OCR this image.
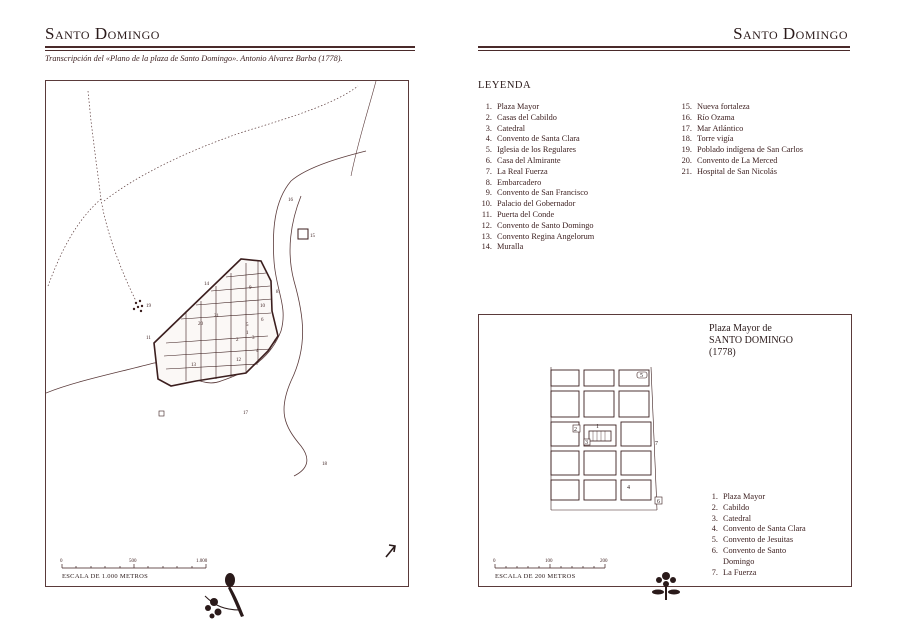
Santo Domingo
Transcripción del «Plano de la plaza de Santo Domingo». Antonio Alvarez Barba (1778).
1
2	3
4
5
6
7
8
9
10
11
12
13
14
15
16
17
18
19
20
21
0	500	1.000
ESCALA DE 1.000 METROS
Santo Domingo
LEYENDA
1. Plaza Mayor
2. Casas del Cabildo
3. Catedral
4. Convento de Santa Clara
5. Iglesia de los Regulares
6. Casa del Almirante
7. La Real Fuerza
8. Embarcadero
9. Convento de San Francisco
10. Palacio del Gobernador
11. Puerta del Conde
12. Convento de Santo Domingo
13. Convento Regina Angelorum
14. Muralla
15. Nueva fortaleza
16. Río Ozama
17. Mar Atlántico
18. Torre vigía
19. Poblado indígena de San Carlos
20. Convento de La Merced
21. Hospital de San Nicolás
1
2
3
4
5
6
7
0	100	200
ESCALA DE 200 METROS
Plaza Mayor de
SANTO DOMINGO
(1778)
1. Plaza Mayor
2. Cabildo
3. Catedral
4. Convento de Santa Clara
5. Convento de Jesuitas
6. Convento de Santo
Domingo
7. La Fuerza
